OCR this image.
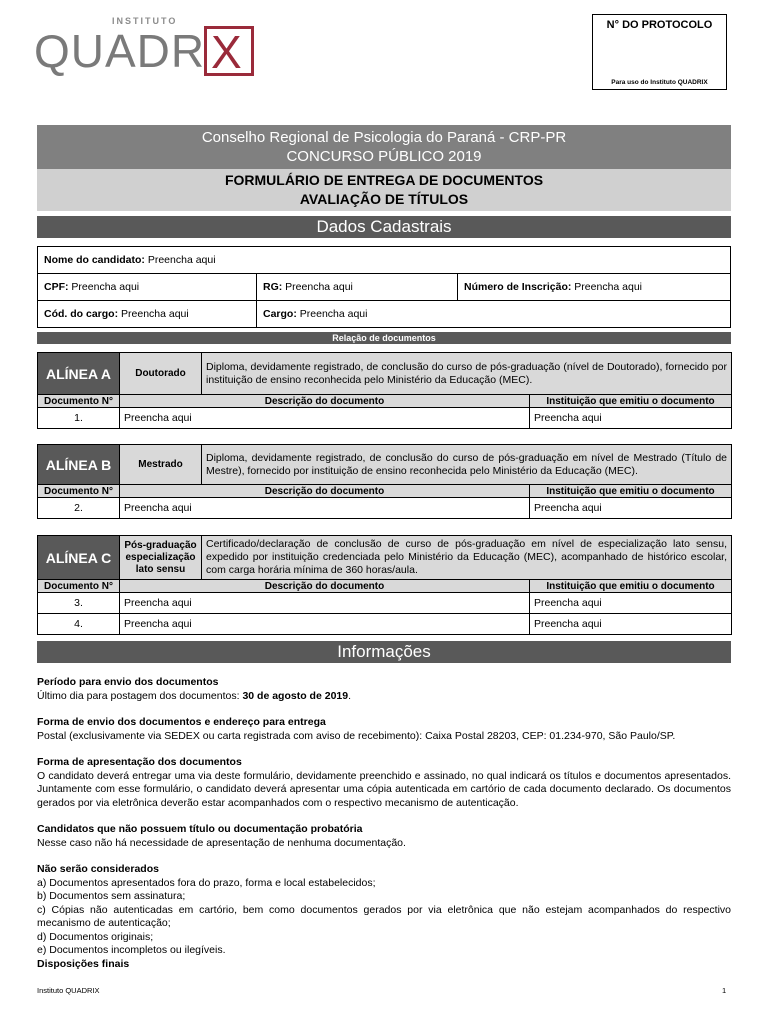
INSTITUTO
QUADR X
N° DO PROTOCOLO
Para uso do Instituto QUADRIX
Conselho Regional de Psicologia do Paraná - CRP-PR
CONCURSO PÚBLICO 2019
FORMULÁRIO DE ENTREGA DE DOCUMENTOS
AVALIAÇÃO DE TÍTULOS
Dados Cadastrais
Nome do candidato: Preencha aqui		
CPF: Preencha aqui	RG: Preencha aqui	Número de Inscrição: Preencha aqui
Cód. do cargo: Preencha aqui	Cargo: Preencha aqui	
Relação de documentos
ALÍNEA A	Doutorado	Diploma, devidamente registrado, de conclusão do curso de pós-graduação (nível de Doutorado), fornecido por instituição de ensino reconhecida pelo Ministério da Educação (MEC).	
Documento N°	Descrição do documento		Instituição que emitiu o documento
1.	Preencha aqui		Preencha aqui
ALÍNEA B	Mestrado	Diploma, devidamente registrado, de conclusão do curso de pós-graduação em nível de Mestrado (Título de Mestre), fornecido por instituição de ensino reconhecida pelo Ministério da Educação (MEC).	
Documento N°	Descrição do documento		Instituição que emitiu o documento
2.	Preencha aqui		Preencha aqui
ALÍNEA C	Pós-graduação especialização lato sensu	Certificado/declaração de conclusão de curso de pós-graduação em nível de especialização lato sensu, expedido por instituição credenciada pelo Ministério da Educação (MEC), acompanhado de histórico escolar, com carga horária mínima de 360 horas/aula.	
Documento N°	Descrição do documento		Instituição que emitiu o documento
3.	Preencha aqui		Preencha aqui
4.	Preencha aqui		Preencha aqui
Informações

Período para envio dos documentos

Último dia para postagem dos documentos: 30 de agosto de 2019.

Forma de envio dos documentos e endereço para entrega

Postal (exclusivamente via SEDEX ou carta registrada com aviso de recebimento): Caixa Postal 28203, CEP: 01.234-970, São Paulo/SP.

Forma de apresentação dos documentos

O candidato deverá entregar uma via deste formulário, devidamente preenchido e assinado, no qual indicará os títulos e documentos apresentados. Juntamente com esse formulário, o candidato deverá apresentar uma cópia autenticada em cartório de cada documento declarado. Os documentos gerados por via eletrônica deverão estar acompanhados com o respectivo mecanismo de autenticação.

Candidatos que não possuem título ou documentação probatória

Nesse caso não há necessidade de apresentação de nenhuma documentação.

Não serão considerados

a) Documentos apresentados fora do prazo, forma e local estabelecidos;

b) Documentos sem assinatura;

c) Cópias não autenticadas em cartório, bem como documentos gerados por via eletrônica que não estejam acompanhados do respectivo mecanismo de autenticação;

d) Documentos originais;

e) Documentos incompletos ou ilegíveis.

Disposições finais

Instituto QUADRIX	1
